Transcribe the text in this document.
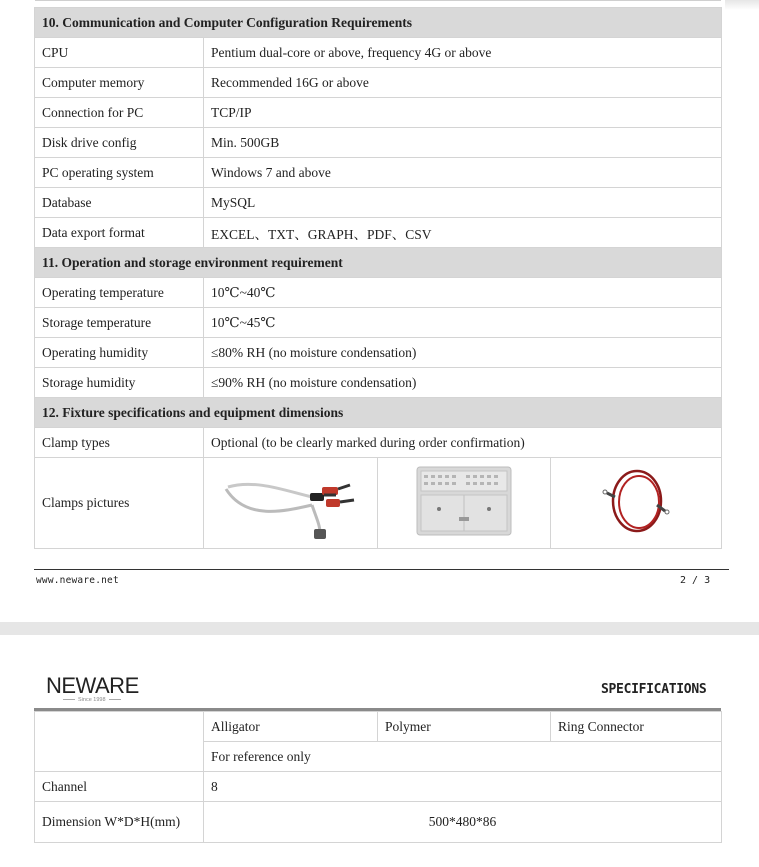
10. Communication and Computer Configuration Requirements			
CPU	Pentium dual-core or above, frequency 4G or above		
Computer memory	Recommended 16G or above		
Connection for PC	TCP/IP		
Disk drive config	Min. 500GB		
PC operating system	Windows 7 and above		
Database	MySQL		
Data export format	EXCEL、TXT、GRAPH、PDF、CSV		
11. Operation and storage environment requirement			
Operating temperature	10℃~40℃		
Storage temperature	10℃~45℃		
Operating humidity	≤80% RH (no moisture condensation)		
Storage humidity	≤90% RH (no moisture condensation)		
12. Fixture specifications and equipment dimensions			
Clamp types	Optional (to be clearly marked during order confirmation)		
Clamps pictures			
www.neware.net	2 / 3
NEWARE
Since 1998
SPECIFICATIONS
	Alligator	Polymer	Ring Connector
	For reference only		
Channel	8		
Dimension W*D*H(mm)	500*480*86		
